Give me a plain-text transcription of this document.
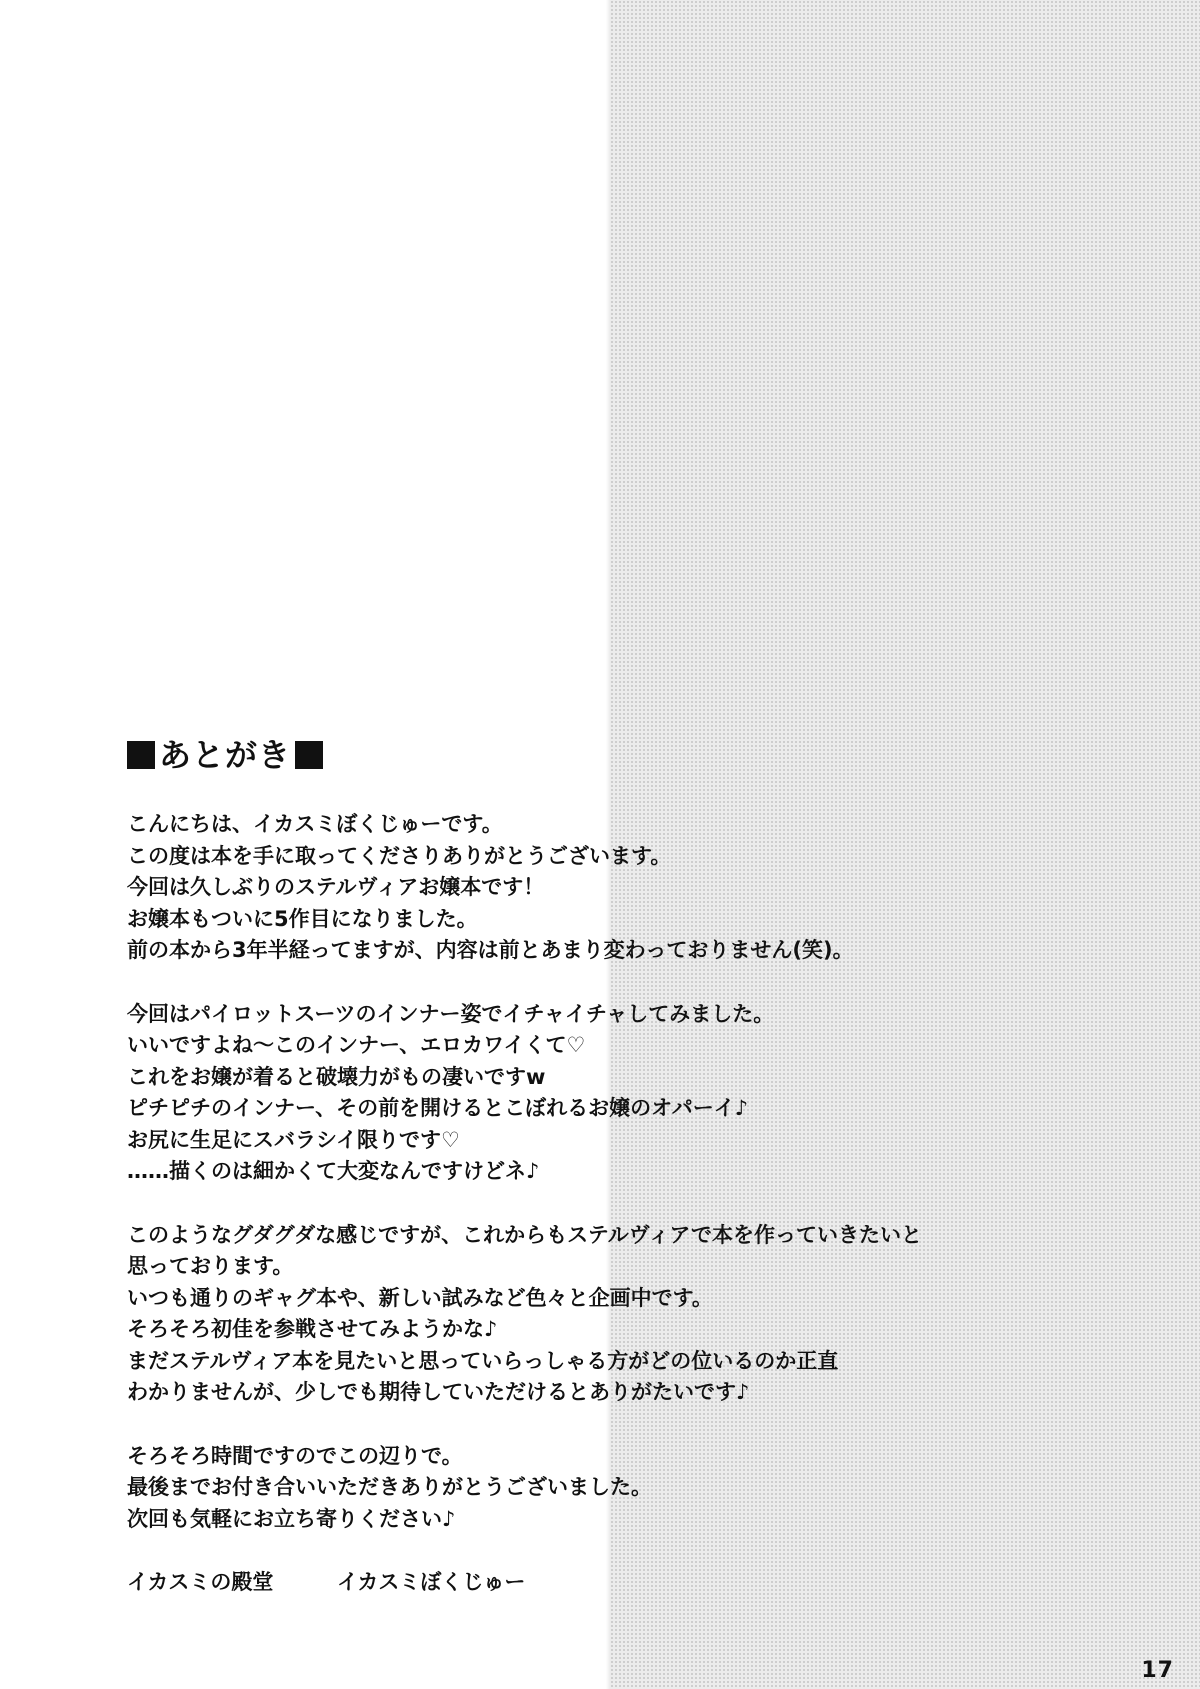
あとがき
こんにちは、イカスミぼくじゅーです。
この度は本を手に取ってくださりありがとうございます。
今回は久しぶりのステルヴィアお嬢本です！
お嬢本もついに5作目になりました。
前の本から3年半経ってますが、内容は前とあまり変わっておりません(笑)。
今回はパイロットスーツのインナー姿でイチャイチャしてみました。
いいですよね～このインナー、エロカワイくて♡
これをお嬢が着ると破壊力がもの凄いですw
ピチピチのインナー、その前を開けるとこぼれるお嬢のオパーイ♪
お尻に生足にスバラシイ限りです♡
……描くのは細かくて大変なんですけどネ♪
このようなグダグダな感じですが、これからもステルヴィアで本を作っていきたいと
思っております。
いつも通りのギャグ本や、新しい試みなど色々と企画中です。
そろそろ初佳を参戦させてみようかな♪
まだステルヴィア本を見たいと思っていらっしゃる方がどの位いるのか正直
わかりませんが、少しでも期待していただけるとありがたいです♪
そろそろ時間ですのでこの辺りで。
最後までお付き合いいただきありがとうございました。
次回も気軽にお立ち寄りください♪
イカスミの殿堂	イカスミぼくじゅー
17
